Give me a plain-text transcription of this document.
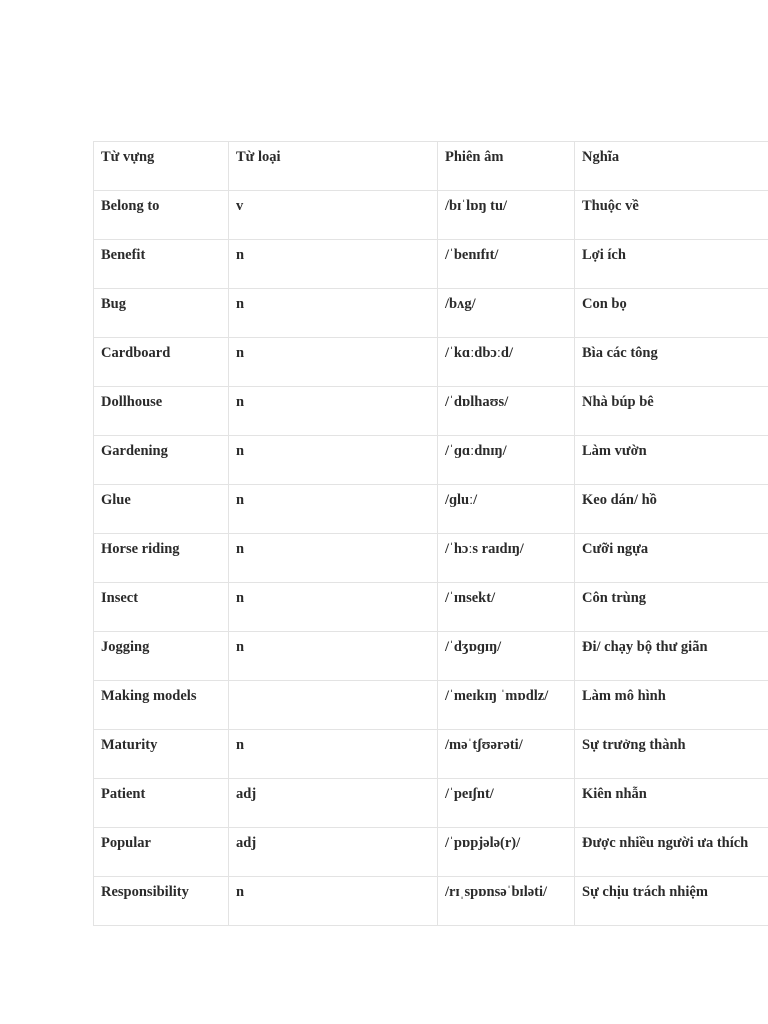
Từ vựng	Từ loại	Phiên âm	Nghĩa
Belong to	v	/bɪˈlɒŋ tu/	Thuộc về
Benefit	n	/ˈbenɪfɪt/	Lợi ích
Bug	n	/bʌg/	Con bọ
Cardboard	n	/ˈkɑːdbɔːd/	Bìa các tông
Dollhouse	n	/ˈdɒlhaʊs/	Nhà búp bê
Gardening	n	/ˈɡɑːdnɪŋ/	Làm vườn
Glue	n	/ɡluː/	Keo dán/ hồ
Horse riding	n	/ˈhɔːs raɪdɪŋ/	Cưỡi ngựa
Insect	n	/ˈɪnsekt/	Côn trùng
Jogging	n	/ˈdʒɒɡɪŋ/	Đi/ chạy bộ thư giãn
Making models		/ˈmeɪkɪŋ ˈmɒdlz/	Làm mô hình
Maturity	n	/məˈtʃʊərəti/	Sự trưởng thành
Patient	adj	/ˈpeɪʃnt/	Kiên nhẫn
Popular	adj	/ˈpɒpjələ(r)/	Được nhiều người ưa thích
Responsibility	n	/rɪˌspɒnsəˈbɪləti/	Sự chịu trách nhiệm
